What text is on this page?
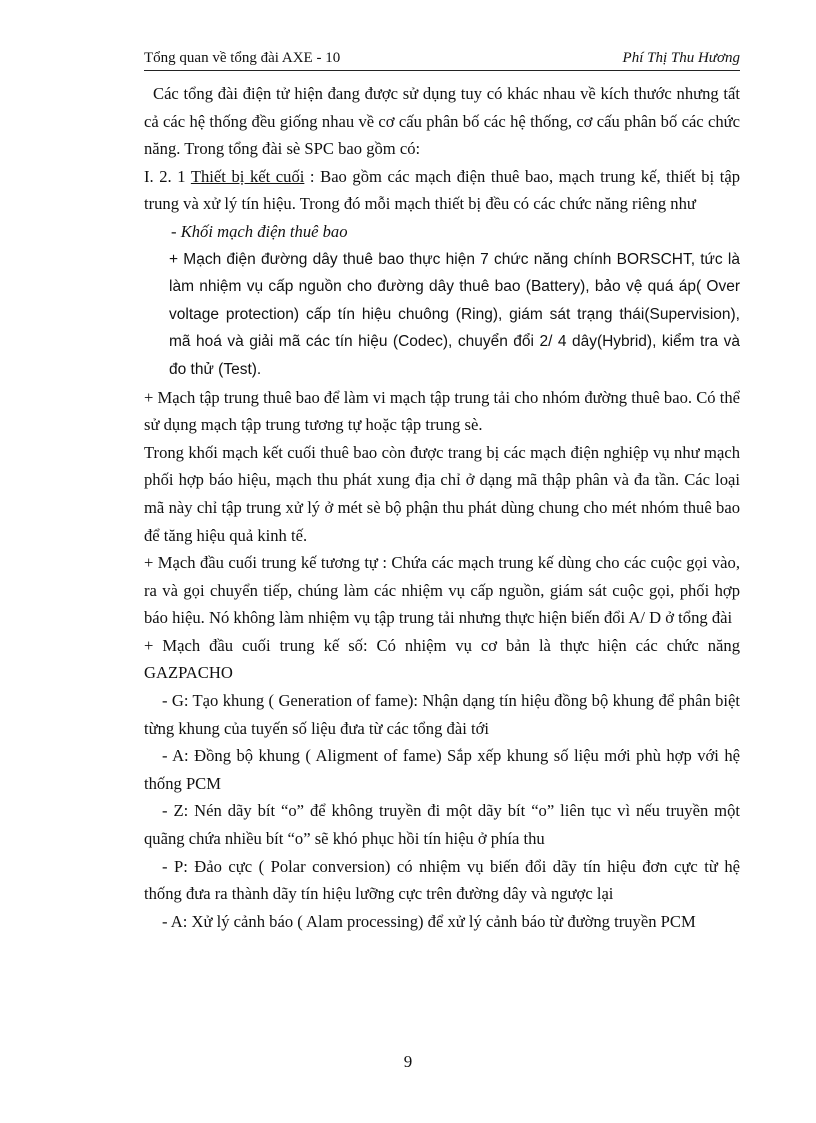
Tổng quan về tổng đài AXE - 10	Phí Thị Thu Hương

Các tổng đài điện tử hiện đang được sử dụng tuy có khác nhau về kích thước nhưng tất cả các hệ thống đều giống nhau về cơ cấu phân bố các hệ thống, cơ cấu phân bố các chức năng. Trong tổng đài sè SPC bao gồm có:

I. 2. 1 Thiết bị kết cuối : Bao gồm các mạch điện thuê bao, mạch trung kế, thiết bị tập trung và xử lý tín hiệu. Trong đó mỗi mạch thiết bị đều có các chức năng riêng như

- Khối mạch điện thuê bao

+ Mạch điện đường dây thuê bao thực hiện 7 chức năng chính BORSCHT, tức là làm nhiệm vụ cấp nguồn cho đường dây thuê bao (Battery), bảo vệ quá áp( Over voltage protection) cấp tín hiệu chuông (Ring), giám sát trạng thái(Supervision), mã hoá và giải mã các tín hiệu (Codec), chuyển đổi 2/ 4 dây(Hybrid), kiểm tra và đo thử (Test).

+ Mạch tập trung thuê bao để làm vi mạch tập trung tải cho nhóm đường thuê bao. Có thể sử dụng mạch tập trung tương tự hoặc tập trung sè.

Trong khối mạch kết cuối thuê bao còn được trang bị các mạch điện nghiệp vụ như mạch phối hợp báo hiệu, mạch thu phát xung địa chỉ ở dạng mã thập phân và đa tần. Các loại mã này chỉ tập trung xử lý ở mét sè bộ phận thu phát dùng chung cho mét nhóm thuê bao để tăng hiệu quả kinh tế.

+ Mạch đầu cuối trung kế tương tự : Chứa các mạch trung kế dùng cho các cuộc gọi vào, ra và gọi chuyển tiếp, chúng làm các nhiệm vụ cấp nguồn, giám sát cuộc gọi, phối hợp báo hiệu. Nó không làm nhiệm vụ tập trung tải nhưng thực hiện biến đổi A/ D ở tổng đài

+ Mạch đầu cuối trung kế số: Có nhiệm vụ cơ bản là thực hiện các chức năng GAZPACHO

- G: Tạo khung ( Generation of fame): Nhận dạng tín hiệu đồng bộ khung để phân biệt từng khung của tuyến số liệu đưa từ các tổng đài tới

- A: Đồng bộ khung ( Aligment of fame) Sắp xếp khung số liệu mới phù hợp với hệ thống PCM

- Z: Nén dãy bít “o” để không truyền đi một dãy bít “o” liên tục vì nếu truyền một quãng chứa nhiều bít “o” sẽ khó phục hồi tín hiệu ở phía thu

- P: Đảo cực ( Polar conversion) có nhiệm vụ biến đổi dãy tín hiệu đơn cực từ hệ thống đưa ra thành dãy tín hiệu lưỡng cực trên đường dây và ngược lại

- A: Xử lý cảnh báo ( Alam processing) để xử lý cảnh báo từ đường truyền PCM

9
